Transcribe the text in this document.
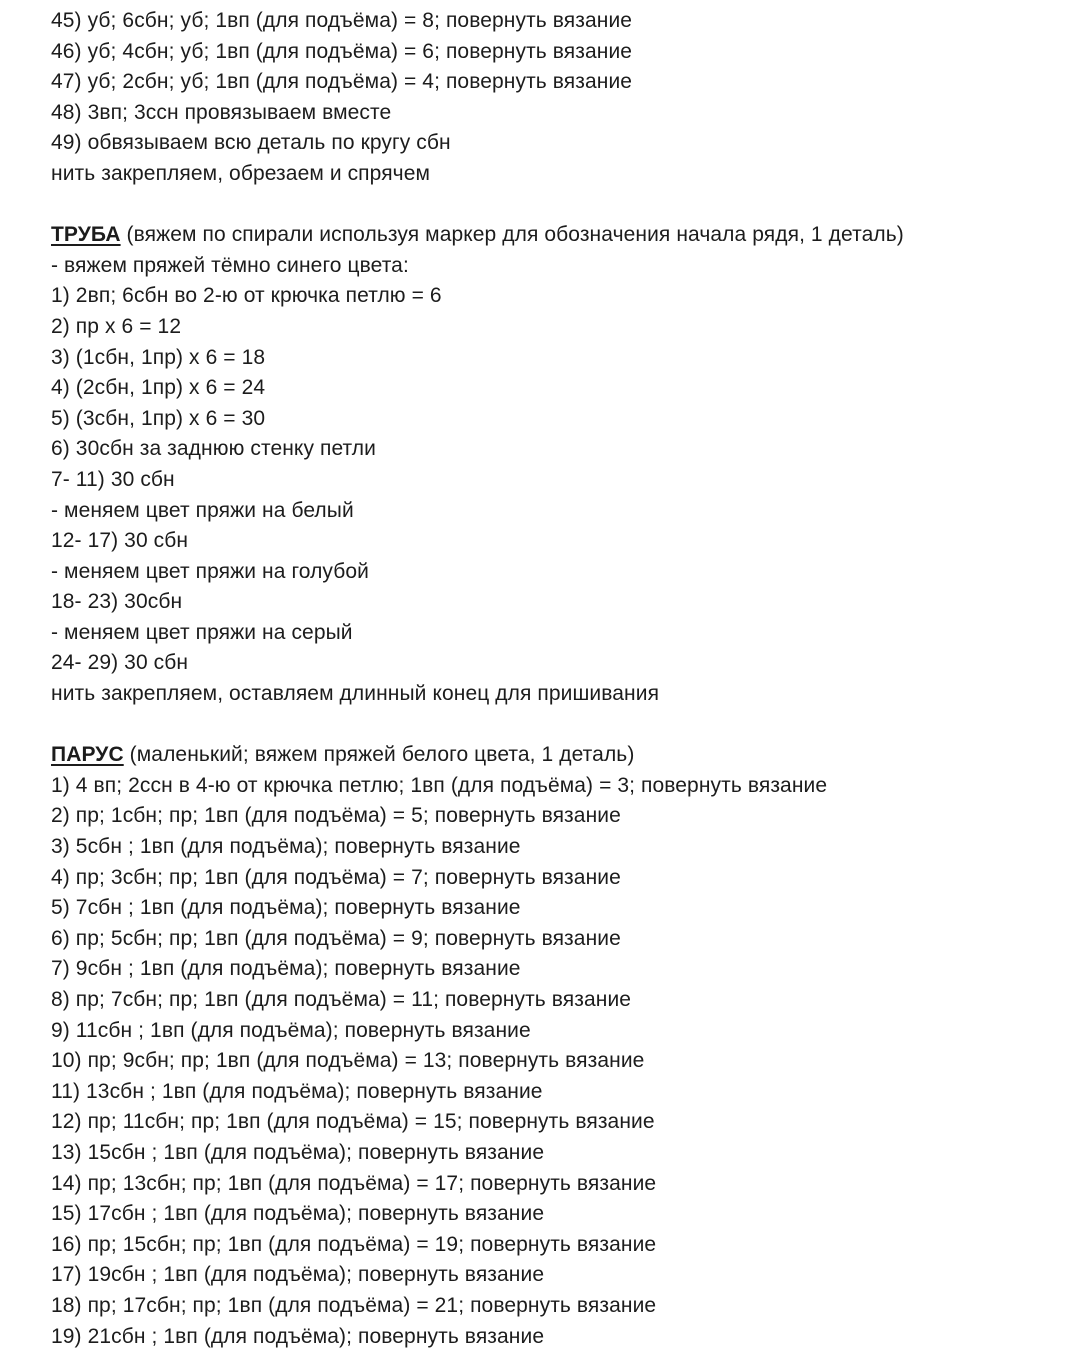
45) уб; 6сбн; уб; 1вп (для подъёма) = 8; повернуть вязание
46) уб; 4сбн; уб; 1вп (для подъёма) = 6; повернуть вязание
47) уб; 2сбн; уб; 1вп (для подъёма) = 4; повернуть вязание
48) 3вп; 3ссн провязываем вместе
49) обвязываем всю деталь по кругу сбн
нить закрепляем, обрезаем и спрячем
ТРУБА (вяжем по спирали используя маркер для обозначения начала рядя, 1 деталь)
- вяжем пряжей тёмно синего цвета:
1) 2вп; 6сбн во 2-ю от крючка петлю = 6
2) пр х 6 = 12
3) (1сбн, 1пр) х 6 = 18
4) (2сбн, 1пр) х 6 = 24
5) (3сбн, 1пр) х 6 = 30
6) 30сбн за заднюю стенку петли
7- 11) 30 сбн
- меняем цвет пряжи на белый
12- 17) 30 сбн
- меняем цвет пряжи на голубой
18- 23) 30сбн
- меняем цвет пряжи на серый
24- 29) 30 сбн
нить закрепляем, оставляем длинный конец для пришивания
ПАРУС (маленький; вяжем пряжей белого цвета, 1 деталь)
1) 4 вп; 2ссн в 4-ю от крючка петлю; 1вп (для подъёма) = 3; повернуть вязание
2) пр; 1сбн; пр; 1вп (для подъёма) = 5; повернуть вязание
3) 5сбн ; 1вп (для подъёма); повернуть вязание
4) пр; 3сбн; пр; 1вп (для подъёма) = 7; повернуть вязание
5) 7сбн ; 1вп (для подъёма); повернуть вязание
6) пр; 5сбн; пр; 1вп (для подъёма) = 9; повернуть вязание
7) 9сбн ; 1вп (для подъёма); повернуть вязание
8) пр; 7сбн; пр; 1вп (для подъёма) = 11; повернуть вязание
9) 11сбн ; 1вп (для подъёма); повернуть вязание
10) пр; 9сбн; пр; 1вп (для подъёма) = 13; повернуть вязание
11) 13сбн ; 1вп (для подъёма); повернуть вязание
12) пр; 11сбн; пр; 1вп (для подъёма) = 15; повернуть вязание
13) 15сбн ; 1вп (для подъёма); повернуть вязание
14) пр; 13сбн; пр; 1вп (для подъёма) = 17; повернуть вязание
15) 17сбн ; 1вп (для подъёма); повернуть вязание
16) пр; 15сбн; пр; 1вп (для подъёма) = 19; повернуть вязание
17) 19сбн ; 1вп (для подъёма); повернуть вязание
18) пр; 17сбн; пр; 1вп (для подъёма) = 21; повернуть вязание
19) 21сбн ; 1вп (для подъёма); повернуть вязание
